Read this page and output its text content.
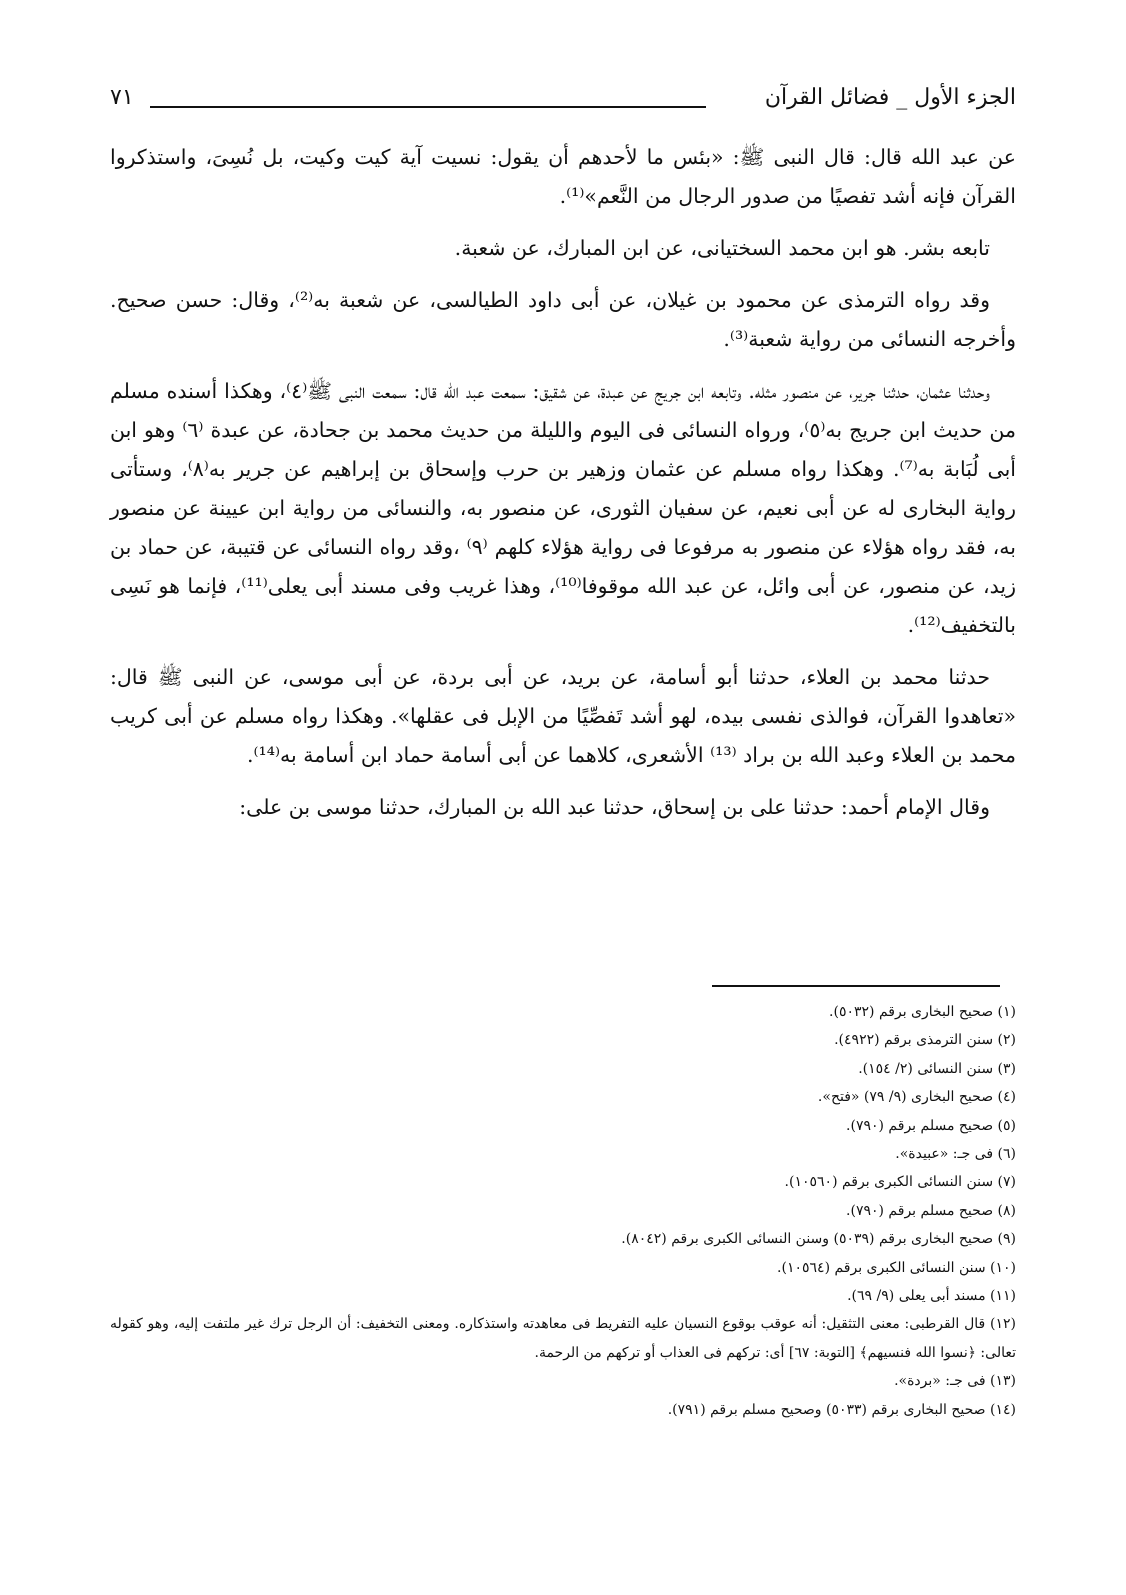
الجزء الأول _ فضائل القرآن
٧١

عن عبد الله قال: قال النبى ﷺ: «بئس ما لأحدهم أن يقول: نسيت آية كيت وكيت، بل نُسِىَ، واستذكروا القرآن فإنه أشد تفصيًا من صدور الرجال من النَّعم»⁽¹⁾.

تابعه بشر. هو ابن محمد السختيانى، عن ابن المبارك، عن شعبة.

وقد رواه الترمذى عن محمود بن غيلان، عن أبى داود الطيالسى، عن شعبة به⁽²⁾، وقال: حسن صحيح. وأخرجه النسائى من رواية شعبة⁽³⁾.

وحدثنا عثمان، حدثنا جرير، عن منصور مثله. وتابعه ابن جريج عن عبدة، عن شقيق: سمعت عبد الله قال: سمعت النبى ﷺ⁽٤⁾، وهكذا أسنده مسلم من حديث ابن جريج به⁽٥⁾، ورواه النسائى فى اليوم والليلة من حديث محمد بن جحادة، عن عبدة ⁽٦⁾ وهو ابن أبى لُبَابة به⁽⁷⁾. وهكذا رواه مسلم عن عثمان وزهير بن حرب وإسحاق بن إبراهيم عن جرير به⁽٨⁾، وستأتى رواية البخارى له عن أبى نعيم، عن سفيان الثورى، عن منصور به، والنسائى من رواية ابن عيينة عن منصور به، فقد رواه هؤلاء عن منصور به مرفوعا فى رواية هؤلاء كلهم ⁽٩⁾ ،وقد رواه النسائى عن قتيبة، عن حماد بن زيد، عن منصور، عن أبى وائل، عن عبد الله موقوفا⁽¹⁰⁾، وهذا غريب وفى مسند أبى يعلى⁽¹¹⁾، فإنما هو نَسِى بالتخفيف⁽¹²⁾.

حدثنا محمد بن العلاء، حدثنا أبو أسامة، عن بريد، عن أبى بردة، عن أبى موسى، عن النبى ﷺ قال: «تعاهدوا القرآن، فوالذى نفسى بيده، لهو أشد تَفصِّيًا من الإبل فى عقلها». وهكذا رواه مسلم عن أبى كريب محمد بن العلاء وعبد الله بن براد ⁽¹³⁾ الأشعرى، كلاهما عن أبى أسامة حماد ابن أسامة به⁽¹⁴⁾.

وقال الإمام أحمد: حدثنا على بن إسحاق، حدثنا عبد الله بن المبارك، حدثنا موسى بن على:

(١) صحيح البخارى برقم (٥٠٣٢).

(٢) سنن الترمذى برقم (٤٩٢٢).

(٣) سنن النسائى (٢/ ١٥٤).

(٤) صحيح البخارى (٩/ ٧٩) «فتح».

(٥) صحيح مسلم برقم (٧٩٠).

(٦) فى جـ: «عبيدة».

(٧) سنن النسائى الكبرى برقم (١٠٥٦٠).

(٨) صحيح مسلم برقم (٧٩٠).

(٩) صحيح البخارى برقم (٥٠٣٩) وسنن النسائى الكبرى برقم (٨٠٤٢).

(١٠) سنن النسائى الكبرى برقم (١٠٥٦٤).

(١١) مسند أبى يعلى (٩/ ٦٩).

(١٢) قال القرطبى: معنى التثقيل: أنه عوقب بوقوع النسيان عليه التفريط فى معاهدته واستذكاره. ومعنى التخفيف: أن الرجل ترك غير ملتفت إليه، وهو كقوله تعالى: ﴿نسوا الله فنسيهم﴾ [التوبة: ٦٧] أى: تركهم فى العذاب أو تركهم من الرحمة.

(١٣) فى جـ: «بردة».

(١٤) صحيح البخارى برقم (٥٠٣٣) وصحيح مسلم برقم (٧٩١).
